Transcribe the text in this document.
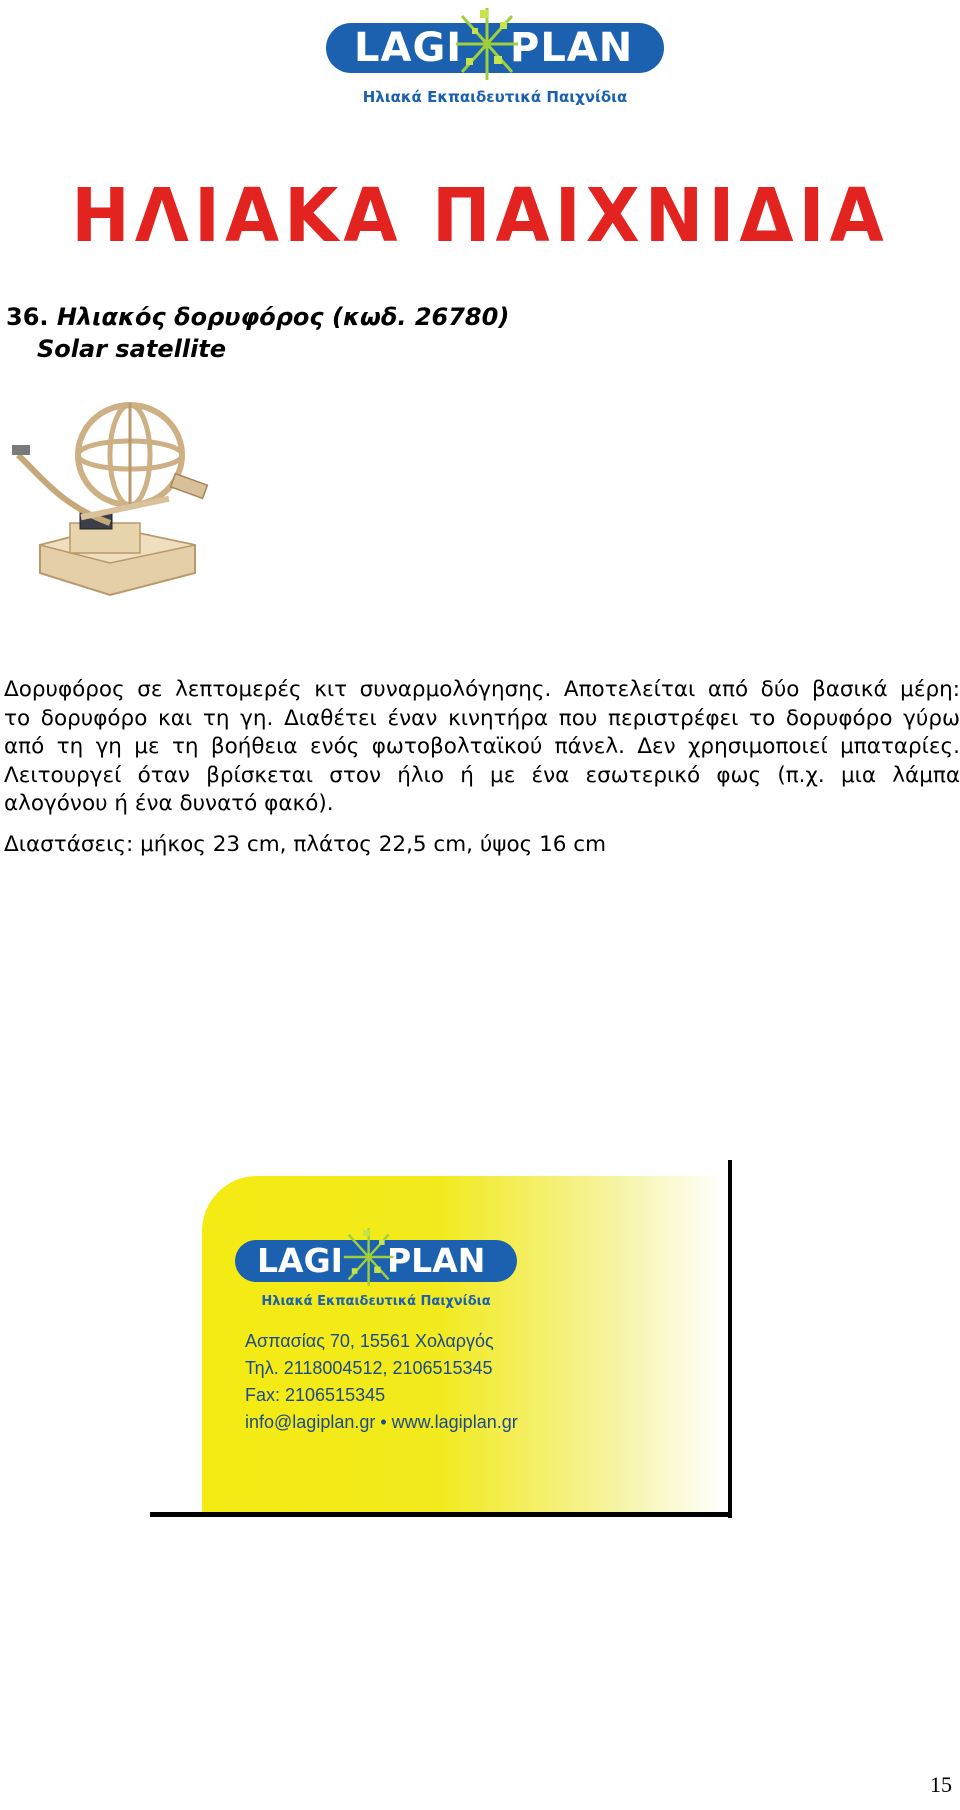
LAGI PLAN
Ηλιακά Εκπαιδευτικά Παιχνίδια
ΗΛΙΑΚΑ ΠΑΙΧΝΙΔΙΑ
36. Ηλιακός δορυφόρος (κωδ. 26780)
Solar satellite
Δορυφόρος σε λεπτομερές κιτ συναρμολόγησης. Αποτελείται από δύο βασικά μέρη:
το δορυφόρο και τη γη. Διαθέτει έναν κινητήρα που περιστρέφει το δορυφόρο γύρω
από τη γη με τη βοήθεια ενός φωτοβολταϊκού πάνελ. Δεν χρησιμοποιεί μπαταρίες.
Λειτουργεί όταν βρίσκεται στον ήλιο ή με ένα εσωτερικό φως (π.χ. μια λάμπα
αλογόνου ή ένα δυνατό φακό).
Διαστάσεις: μήκος 23 cm, πλάτος 22,5 cm, ύψος 16 cm
LAGI PLAN
Ηλιακά Εκπαιδευτικά Παιχνίδια
Ασπασίας 70, 15561 Χολαργός
Τηλ. 2118004512, 2106515345
Fax: 2106515345
info@lagiplan.gr • www.lagiplan.gr
15
